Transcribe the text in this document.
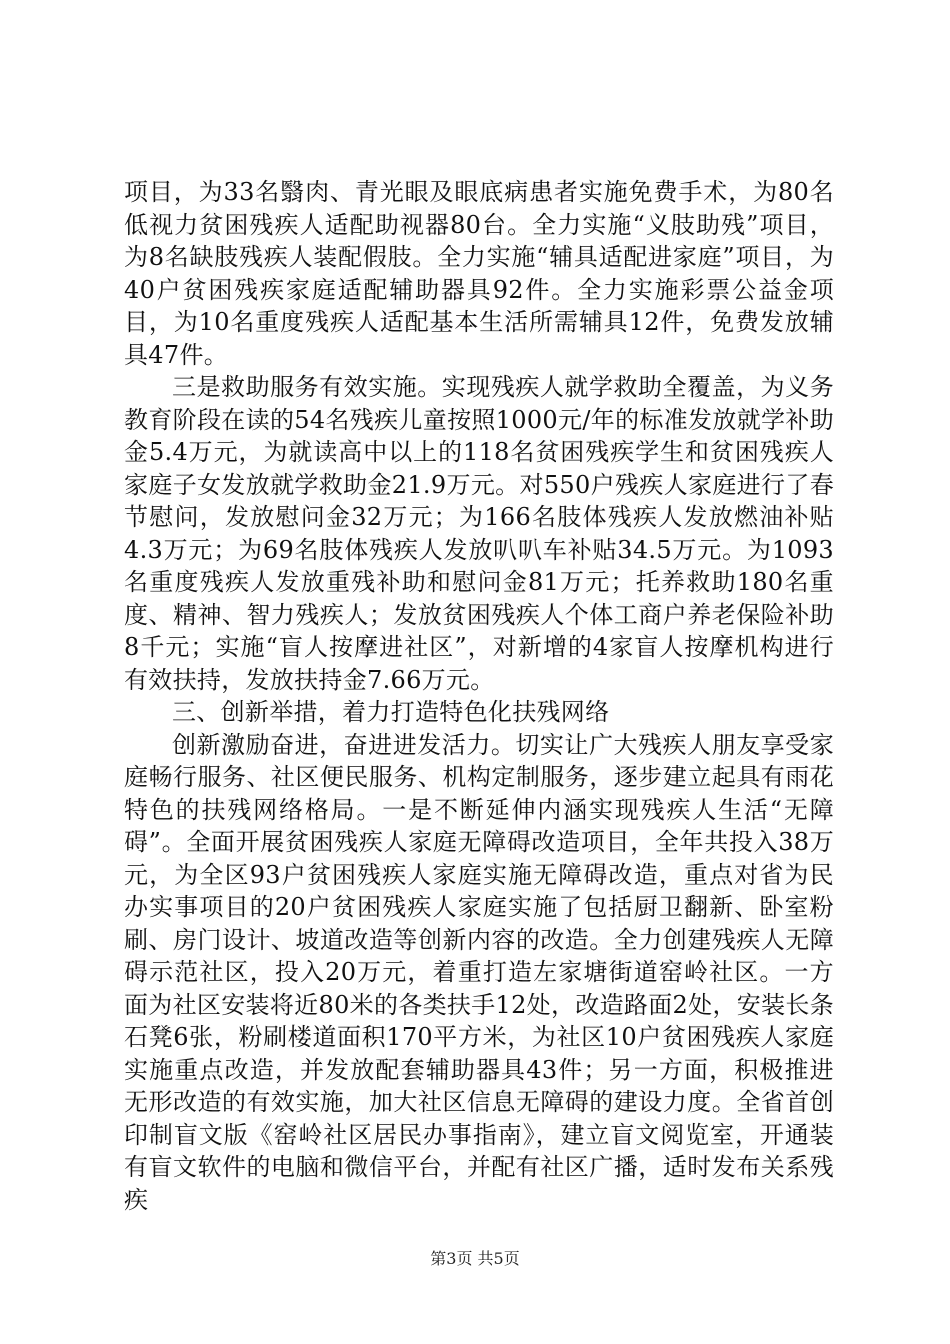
项目，为33名翳肉、青光眼及眼底病患者实施免费手术，为80名低视力贫困残疾人适配助视器80台。全力实施“义肢助残”项目，为8名缺肢残疾人装配假肢。全力实施“辅具适配进家庭”项目，为40户贫困残疾家庭适配辅助器具92件。全力实施彩票公益金项目，为10名重度残疾人适配基本生活所需辅具12件，免费发放辅具47件。

三是救助服务有效实施。实现残疾人就学救助全覆盖，为义务教育阶段在读的54名残疾儿童按照1000元/年的标准发放就学补助金5.4万元，为就读高中以上的118名贫困残疾学生和贫困残疾人家庭子女发放就学救助金21.9万元。对550户残疾人家庭进行了春节慰问，发放慰问金32万元；为166名肢体残疾人发放燃油补贴4.3万元；为69名肢体残疾人发放叭叭车补贴34.5万元。为1093名重度残疾人发放重残补助和慰问金81万元；托养救助180名重度、精神、智力残疾人；发放贫困残疾人个体工商户养老保险补助8千元；实施“盲人按摩进社区”，对新增的4家盲人按摩机构进行有效扶持，发放扶持金7.66万元。

三、创新举措，着力打造特色化扶残网络

创新激励奋进，奋进进发活力。切实让广大残疾人朋友享受家庭畅行服务、社区便民服务、机构定制服务，逐步建立起具有雨花特色的扶残网络格局。一是不断延伸内涵实现残疾人生活“无障碍”。全面开展贫困残疾人家庭无障碍改造项目，全年共投入38万元，为全区93户贫困残疾人家庭实施无障碍改造，重点对省为民办实事项目的20户贫困残疾人家庭实施了包括厨卫翻新、卧室粉刷、房门设计、坡道改造等创新内容的改造。全力创建残疾人无障碍示范社区，投入20万元，着重打造左家塘街道窑岭社区。一方面为社区安装将近80米的各类扶手12处，改造路面2处，安装长条石凳6张，粉刷楼道面积170平方米，为社区10户贫困残疾人家庭实施重点改造，并发放配套辅助器具43件；另一方面，积极推进无形改造的有效实施，加大社区信息无障碍的建设力度。全省首创印制盲文版《窑岭社区居民办事指南》，建立盲文阅览室，开通装有盲文软件的电脑和微信平台，并配有社区广播，适时发布关系残疾

第3页 共5页
